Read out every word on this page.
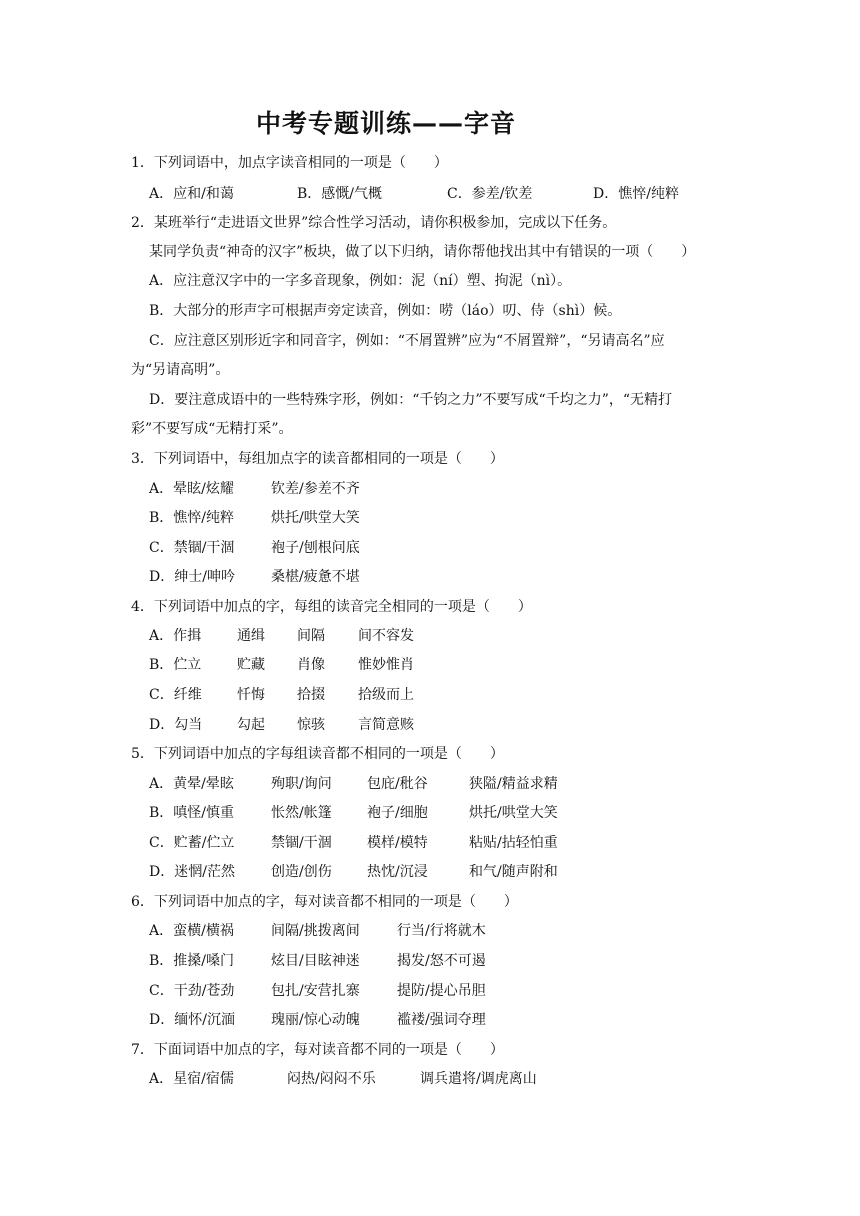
中考专题训练——字音
1．下列词语中，加点字读音相同的一项是（　　）
A．应和/和蔼	B．感慨/气概	C．参差/钦差	D．憔悴/纯粹
2．某班举行“走进语文世界”综合性学习活动，请你积极参加，完成以下任务。
某同学负责“神奇的汉字”板块，做了以下归纳，请你帮他找出其中有错误的一项（　　）
A．应注意汉字中的一字多音现象，例如：泥（ní）塑、拘泥（nì）。
B．大部分的形声字可根据声旁定读音，例如：唠（láo）叨、侍（shì）候。
C．应注意区别形近字和同音字，例如：“不屑置辨”应为“不屑置辩”，“另请高名”应
为“另请高明”。
D．要注意成语中的一些特殊字形，例如：“千钧之力”不要写成“千均之力”，“无精打
彩”不要写成“无精打采”。
3．下列词语中，每组加点字的读音都相同的一项是（　　）
A．晕眩/炫耀	钦差/参差不齐
B．憔悴/纯粹	烘托/哄堂大笑
C．禁锢/干涸	袍子/刨根问底
D．绅士/呻吟	桑椹/疲惫不堪
4．下列词语中加点的字，每组的读音完全相同的一项是（　　）
A．作揖	通缉 间隔 间不容发
B．伫立	贮藏 肖像 惟妙惟肖
C．纤维	忏悔 拾掇 拾级而上
D．勾当 勾起 惊骇 言简意赅
5．下列词语中加点的字每组读音都不相同的一项是（　　）
A．黄晕/晕眩	殉职/询问	包庇/秕谷	狭隘/精益求精
B．嗔怪/慎重	怅然/帐篷	袍子/细胞	烘托/哄堂大笑
C．贮蓄/伫立	禁锢/干涸	模样/模特	粘贴/拈轻怕重
D．迷惘/茫然	创造/创伤	热忱/沉浸	和气/随声附和
6．下列词语中加点的字，每对读音都不相同的一项是（　　）
A．蛮横/横祸	间隔/挑拨离间	行当/行将就木
B．推搡/嗓门	炫目/目眩神迷	揭发/怒不可遏
C．干劲/苍劲	包扎/安营扎寨	提防/提心吊胆
D．缅怀/沉湎	瑰丽/惊心动魄	褴褛/强词夺理
7．下面词语中加点的字，每对读音都不同的一项是（　　）
A．星宿/宿儒	闷热/闷闷不乐	调兵遣将/调虎离山
